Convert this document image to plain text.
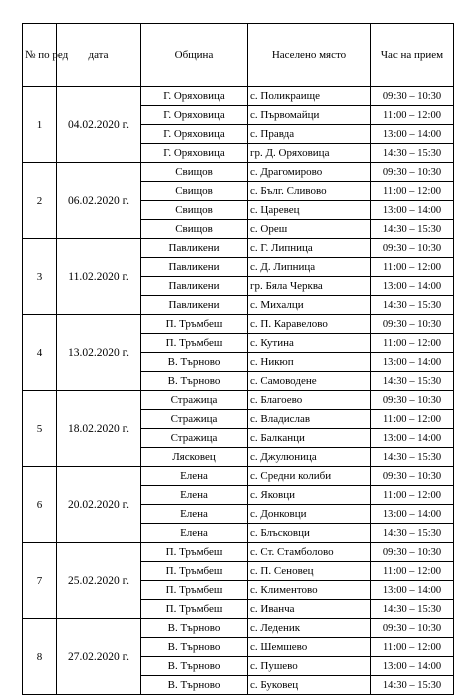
№ по ред	дата	Община	Населено място	Час на прием
1	04.02.2020 г.	Г. Оряховица	с. Поликраище	09:30 – 10:30
		Г. Оряховица	с. Първомайци	11:00 – 12:00
		Г. Оряховица	с. Правда	13:00 – 14:00
		Г. Оряховица	гр. Д. Оряховица	14:30 – 15:30
2	06.02.2020 г.	Свищов	с. Драгомирово	09:30 – 10:30
		Свищов	с. Бълг. Сливово	11:00 – 12:00
		Свищов	с. Царевец	13:00 – 14:00
		Свищов	с. Ореш	14:30 – 15:30
3	11.02.2020 г.	Павликени	с. Г. Липница	09:30 – 10:30
		Павликени	с. Д. Липница	11:00 – 12:00
		Павликени	гр. Бяла Черква	13:00 – 14:00
		Павликени	с. Михалци	14:30 – 15:30
4	13.02.2020 г.	П. Тръмбеш	с. П. Каравелово	09:30 – 10:30
		П. Тръмбеш	с. Кутина	11:00 – 12:00
		В. Търново	с. Никюп	13:00 – 14:00
		В. Търново	с. Самоводене	14:30 – 15:30
5	18.02.2020 г.	Стражица	с. Благоево	09:30 – 10:30
		Стражица	с. Владислав	11:00 – 12:00
		Стражица	с. Балканци	13:00 – 14:00
		Лясковец	с. Джулюница	14:30 – 15:30
6	20.02.2020 г.	Елена	с. Средни колиби	09:30 – 10:30
		Елена	с. Яковци	11:00 – 12:00
		Елена	с. Донковци	13:00 – 14:00
		Елена	с. Блъсковци	14:30 – 15:30
7	25.02.2020 г.	П. Тръмбеш	с. Ст. Стамболово	09:30 – 10:30
		П. Тръмбеш	с. П. Сеновец	11:00 – 12:00
		П. Тръмбеш	с. Климентово	13:00 – 14:00
		П. Тръмбеш	с. Иванча	14:30 – 15:30
8	27.02.2020 г.	В. Търново	с. Леденик	09:30 – 10:30
		В. Търново	с. Шемшево	11:00 – 12:00
		В. Търново	с. Пушево	13:00 – 14:00
		В. Търново	с. Буковец	14:30 – 15:30
